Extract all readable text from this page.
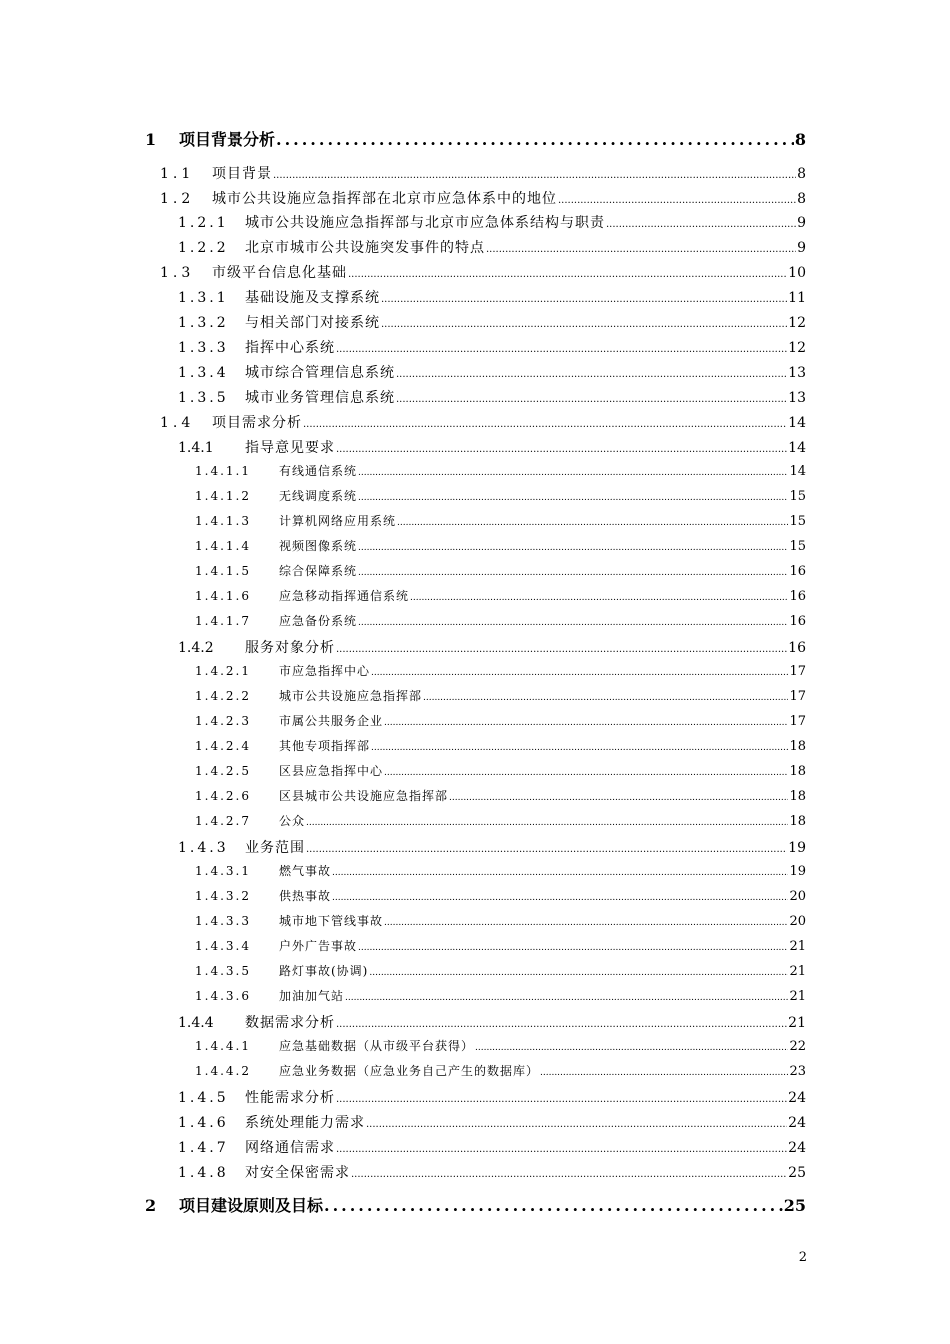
1	项目背景分析 .....	8
1.1	项目背景 .....	8
1.2	城市公共设施应急指挥部在北京市应急体系中的地位 .....	8
1.2.1	城市公共设施应急指挥部与北京市应急体系结构与职责 .....	9
1.2.2	北京市城市公共设施突发事件的特点 .....	9
1.3	市级平台信息化基础 .....	10
1.3.1	基础设施及支撑系统 .....	11
1.3.2	与相关部门对接系统 .....	12
1.3.3	指挥中心系统 .....	12
1.3.4	城市综合管理信息系统 .....	13
1.3.5	城市业务管理信息系统 .....	13
1.4	项目需求分析 .....	14
1.4.1	指导意见要求 .....	14
1.4.1.1	有线通信系统 .....	14
1.4.1.2	无线调度系统 .....	15
1.4.1.3	计算机网络应用系统 .....	15
1.4.1.4	视频图像系统 .....	15
1.4.1.5	综合保障系统 .....	16
1.4.1.6	应急移动指挥通信系统 .....	16
1.4.1.7	应急备份系统 .....	16
1.4.2	服务对象分析 .....	16
1.4.2.1	市应急指挥中心 .....	17
1.4.2.2	城市公共设施应急指挥部 .....	17
1.4.2.3	市属公共服务企业 .....	17
1.4.2.4	其他专项指挥部 .....	18
1.4.2.5	区县应急指挥中心 .....	18
1.4.2.6	区县城市公共设施应急指挥部 .....	18
1.4.2.7	公众 .....	18
1.4.3	业务范围 .....	19
1.4.3.1	燃气事故 .....	19
1.4.3.2	供热事故 .....	20
1.4.3.3	城市地下管线事故 .....	20
1.4.3.4	户外广告事故 .....	21
1.4.3.5	路灯事故(协调) .....	21
1.4.3.6	加油加气站 .....	21
1.4.4	数据需求分析 .....	21
1.4.4.1	应急基础数据（从市级平台获得） .....	22
1.4.4.2	应急业务数据（应急业务自己产生的数据库） .....	23
1.4.5	性能需求分析 .....	24
1.4.6	系统处理能力需求 .....	24
1.4.7	网络通信需求 .....	24
1.4.8	对安全保密需求 .....	25
2	项目建设原则及目标 .....	25
2
